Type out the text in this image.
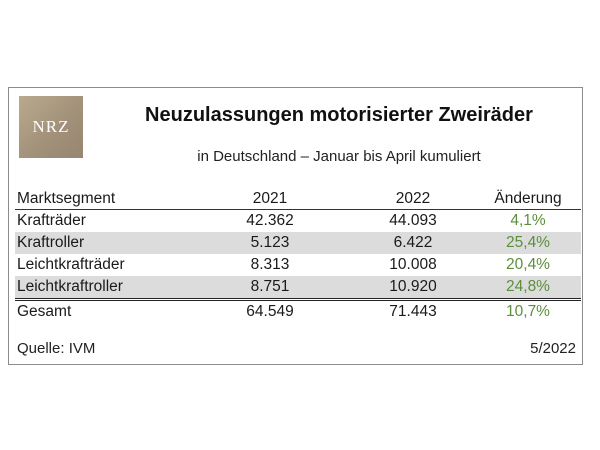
NRZ
Neuzulassungen motorisierter Zweiräder
in Deutschland – Januar bis April kumuliert
Marktsegment	2021	2022	Änderung
Krafträder	42.362	44.093	4,1%
Kraftroller	5.123	6.422	25,4%
Leichtkrafträder	8.313	10.008	20,4%
Leichtkraftroller	8.751	10.920	24,8%
Gesamt	64.549	71.443	10,7%
Quelle: IVM	5/2022
